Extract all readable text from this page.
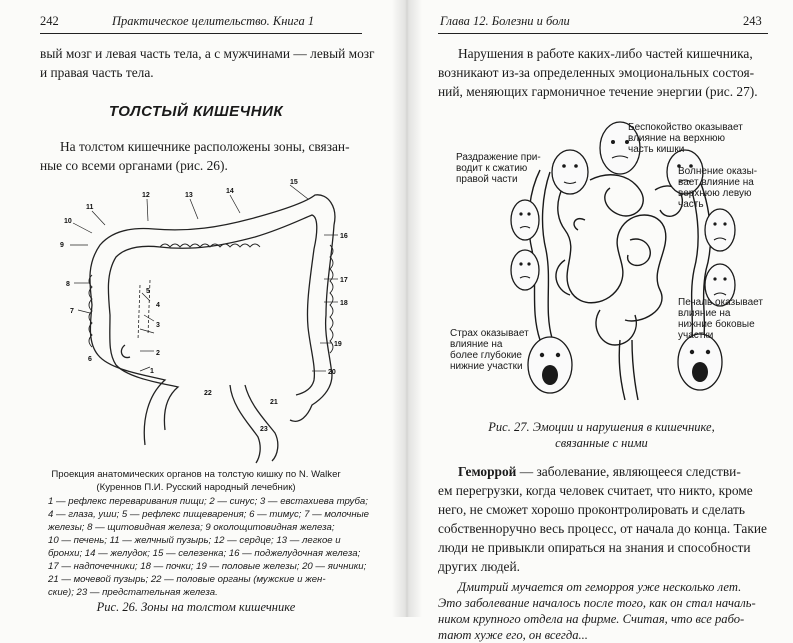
242	Практическое целительство. Книга 1
вый мозг и левая часть тела, а с мужчинами — левый мозг
и правая часть тела.
ТОЛСТЫЙ КИШЕЧНИК
На толстом кишечнике расположены зоны, связан-
ные со всеми органами (рис. 26).
10
11
12	13
14
15
16
17
18
19
20
9
8
7
6
5
4
3
2
1
21
22
23
Проекция анатомических органов на толстую кишку по N. Walker
(Куреннов П.И. Русский народный лечебник)
1 — рефлекс переваривания пищи; 2 — синус; 3 — евстахиева труба;
4 — глаза, уши; 5 — рефлекс пищеварения; 6 — тимус; 7 — молочные
железы; 8 — щитовидная железа; 9 околощитовидная железа;
10 — печень; 11 — желчный пузырь; 12 — сердце; 13 — легкое и
бронхи; 14 — желудок; 15 — селезенка; 16 — поджелудочная железа;
17 — надпочечники; 18 — почки; 19 — половые железы; 20 — яичники;
21 — мочевой пузырь; 22 — половые органы (мужские и жен-
ские); 23 — предстательная железа.
Рис. 26. Зоны на толстом кишечнике
Глава 12. Болезни и боли	243
Нарушения в работе каких-либо частей кишечника,
возникают из-за определенных эмоциональных состоя-
ний, меняющих гармоничное течение энергии (рис. 27).
Раздражение при-
водит к сжатию
правой части
Беспокойство оказывает
влияние на верхнюю
часть кишки
Волнение оказы-
вает влияние на
верхнюю левую
часть
Печаль оказывает
влияние на
нижние боковые
участки
Страх оказывает
влияние на
более глубокие
нижние участки
Рис. 27. Эмоции и нарушения в кишечнике,
связанные с ними
Геморрой — заболевание, являющееся следстви-
ем перегрузки, когда человек считает, что никто, кроме
него, не сможет хорошо проконтролировать и сделать
собственноручно весь процесс, от начала до конца. Такие
люди не привыкли опираться на знания и способности
других людей.
Дмитрий мучается от геморроя уже несколько лет.
Это заболевание началось после того, как он стал началь-
ником крупного отдела на фирме. Считая, что все рабо-
тают хуже его, он всегда...
